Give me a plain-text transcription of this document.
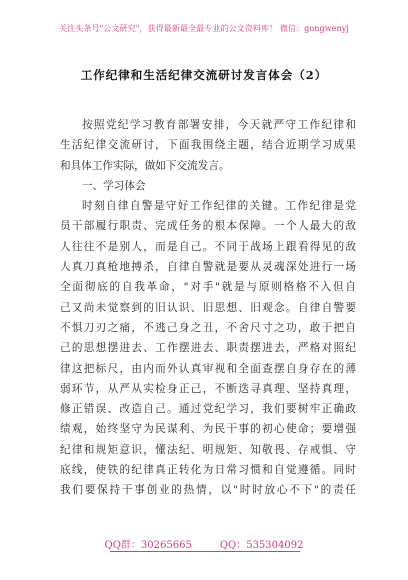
关注头条号"公文研究"，获得最新最全最专业的公文资料库！ 微信：gongwenyj
工作纪律和生活纪律交流研讨发言体会（2）
按照党纪学习教育部署安排，今天就严守工作纪律和
生活纪律交流研讨，下面我围绕主题，结合近期学习成果
和具体工作实际，做如下交流发言。
一、学习体会
时刻自律自警是守好工作纪律的关键。工作纪律是党
员干部履行职责、完成任务的根本保障。一个人最大的敌
人往往不是别人，而是自己。不同于战场上跟看得见的敌
人真刀真枪地搏杀，自律自警就是要从灵魂深处进行一场
全面彻底的自我革命，"对手"就是与原则格格不入但自
己又尚未觉察到的旧认识、旧思想、旧观念。自律自警要
不惧刀刃之痛，不逃己身之丑，不舍尺寸之功，敢于把自
己的思想摆进去、工作摆进去、职责摆进去，严格对照纪
律这把标尺，由内而外认真审视和全面查摆自身存在的薄
弱环节，从严从实检身正己，不断迭寻真理、坚持真理，
修正错误、改造自己。通过党纪学习，我们要树牢正确政
绩观，始终坚守为民谋利、为民干事的初心使命；要增强
纪律和规矩意识，懂法纪、明规矩、知敬畏、存戒惧、守
底线，使铁的纪律真正转化为日常习惯和自觉遵循。同时
我们要保持干事创业的热情，以"时时放心不下"的责任
QQ群：30265665	QQ：535304092
